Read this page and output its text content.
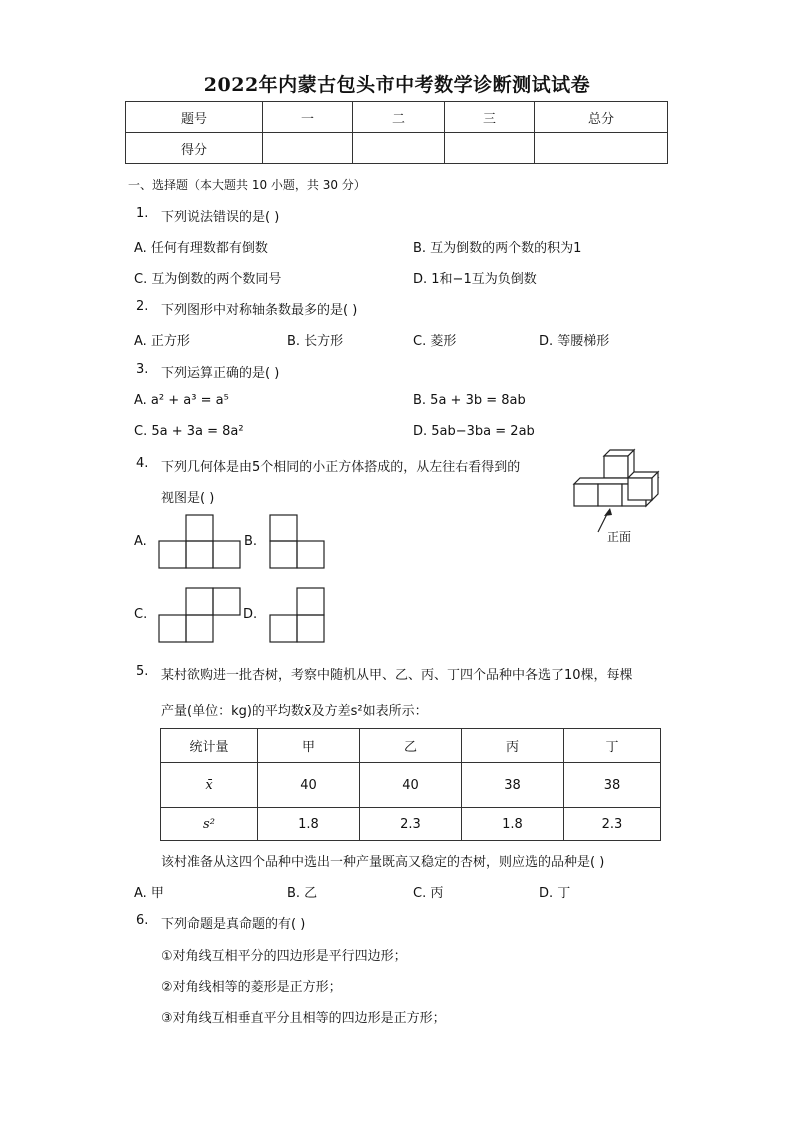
2022年内蒙古包头市中考数学诊断测试试卷
题号	一	二	三	总分
得分				
一、选择题（本大题共 10 小题，共 30 分）
1. 下列说法错误的是( )
A. 任何有理数都有倒数	B. 互为倒数的两个数的积为1
C. 互为倒数的两个数同号	D. 1和−1互为负倒数
2. 下列图形中对称轴条数最多的是( )
A. 正方形	B. 长方形	C. 菱形	D. 等腰梯形
3. 下列运算正确的是( )
A. a² + a³ = a⁵	B. 5a + 3b = 8ab
C. 5a + 3a = 8a²	D. 5ab−3ba = 2ab
4. 下列几何体是由5个相同的小正方体搭成的，从左往右看得到的
视图是( )
正面
A.	B.
C.	D.
5. 某村欲购进一批杏树，考察中随机从甲、乙、丙、丁四个品种中各选了10棵，每棵
产量(单位：kg)的平均数x̄及方差s²如表所示：
统计量	甲	乙	丙	丁
x̄	40	40	38	38
s²	1.8	2.3	1.8	2.3
该村准备从这四个品种中选出一种产量既高又稳定的杏树，则应选的品种是( )
A. 甲	B. 乙	C. 丙	D. 丁
6. 下列命题是真命题的有( )
①对角线互相平分的四边形是平行四边形；
②对角线相等的菱形是正方形；
③对角线互相垂直平分且相等的四边形是正方形；
